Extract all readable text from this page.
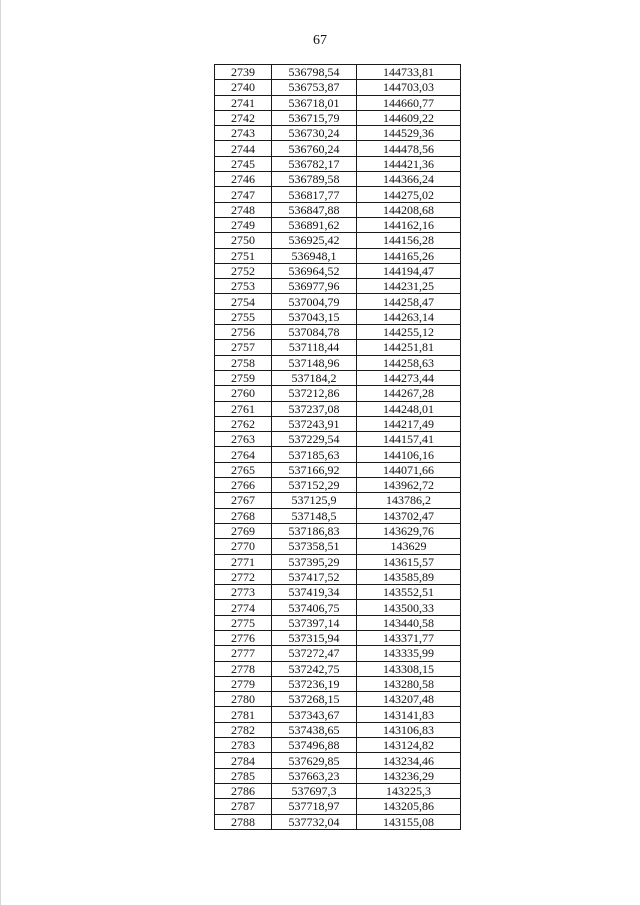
67
2739	536798,54	144733,81
2740	536753,87	144703,03
2741	536718,01	144660,77
2742	536715,79	144609,22
2743	536730,24	144529,36
2744	536760,24	144478,56
2745	536782,17	144421,36
2746	536789,58	144366,24
2747	536817,77	144275,02
2748	536847,88	144208,68
2749	536891,62	144162,16
2750	536925,42	144156,28
2751	536948,1	144165,26
2752	536964,52	144194,47
2753	536977,96	144231,25
2754	537004,79	144258,47
2755	537043,15	144263,14
2756	537084,78	144255,12
2757	537118,44	144251,81
2758	537148,96	144258,63
2759	537184,2	144273,44
2760	537212,86	144267,28
2761	537237,08	144248,01
2762	537243,91	144217,49
2763	537229,54	144157,41
2764	537185,63	144106,16
2765	537166,92	144071,66
2766	537152,29	143962,72
2767	537125,9	143786,2
2768	537148,5	143702,47
2769	537186,83	143629,76
2770	537358,51	143629
2771	537395,29	143615,57
2772	537417,52	143585,89
2773	537419,34	143552,51
2774	537406,75	143500,33
2775	537397,14	143440,58
2776	537315,94	143371,77
2777	537272,47	143335,99
2778	537242,75	143308,15
2779	537236,19	143280,58
2780	537268,15	143207,48
2781	537343,67	143141,83
2782	537438,65	143106,83
2783	537496,88	143124,82
2784	537629,85	143234,46
2785	537663,23	143236,29
2786	537697,3	143225,3
2787	537718,97	143205,86
2788	537732,04	143155,08
